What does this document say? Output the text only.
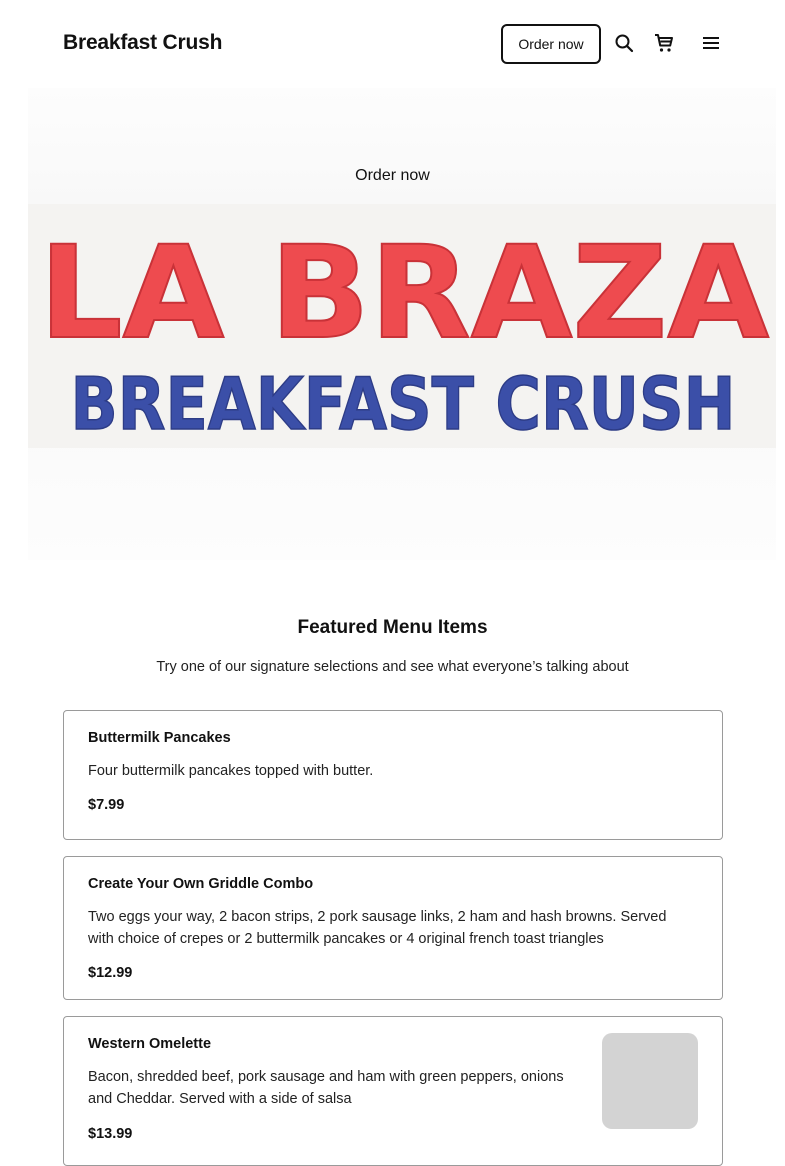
Breakfast Crush	Order now
LA BRAZA
BREAKFAST CRUSH
Order now
Featured Menu Items
Try one of our signature selections and see what everyone’s talking about
Buttermilk Pancakes
Four buttermilk pancakes topped with butter.
$7.99
Create Your Own Griddle Combo
Two eggs your way, 2 bacon strips, 2 pork sausage links, 2 ham and hash browns. Served
with choice of crepes or 2 buttermilk pancakes or 4 original french toast triangles
$12.99
Western Omelette
Bacon, shredded beef, pork sausage and ham with green peppers, onions
and Cheddar. Served with a side of salsa
$13.99
